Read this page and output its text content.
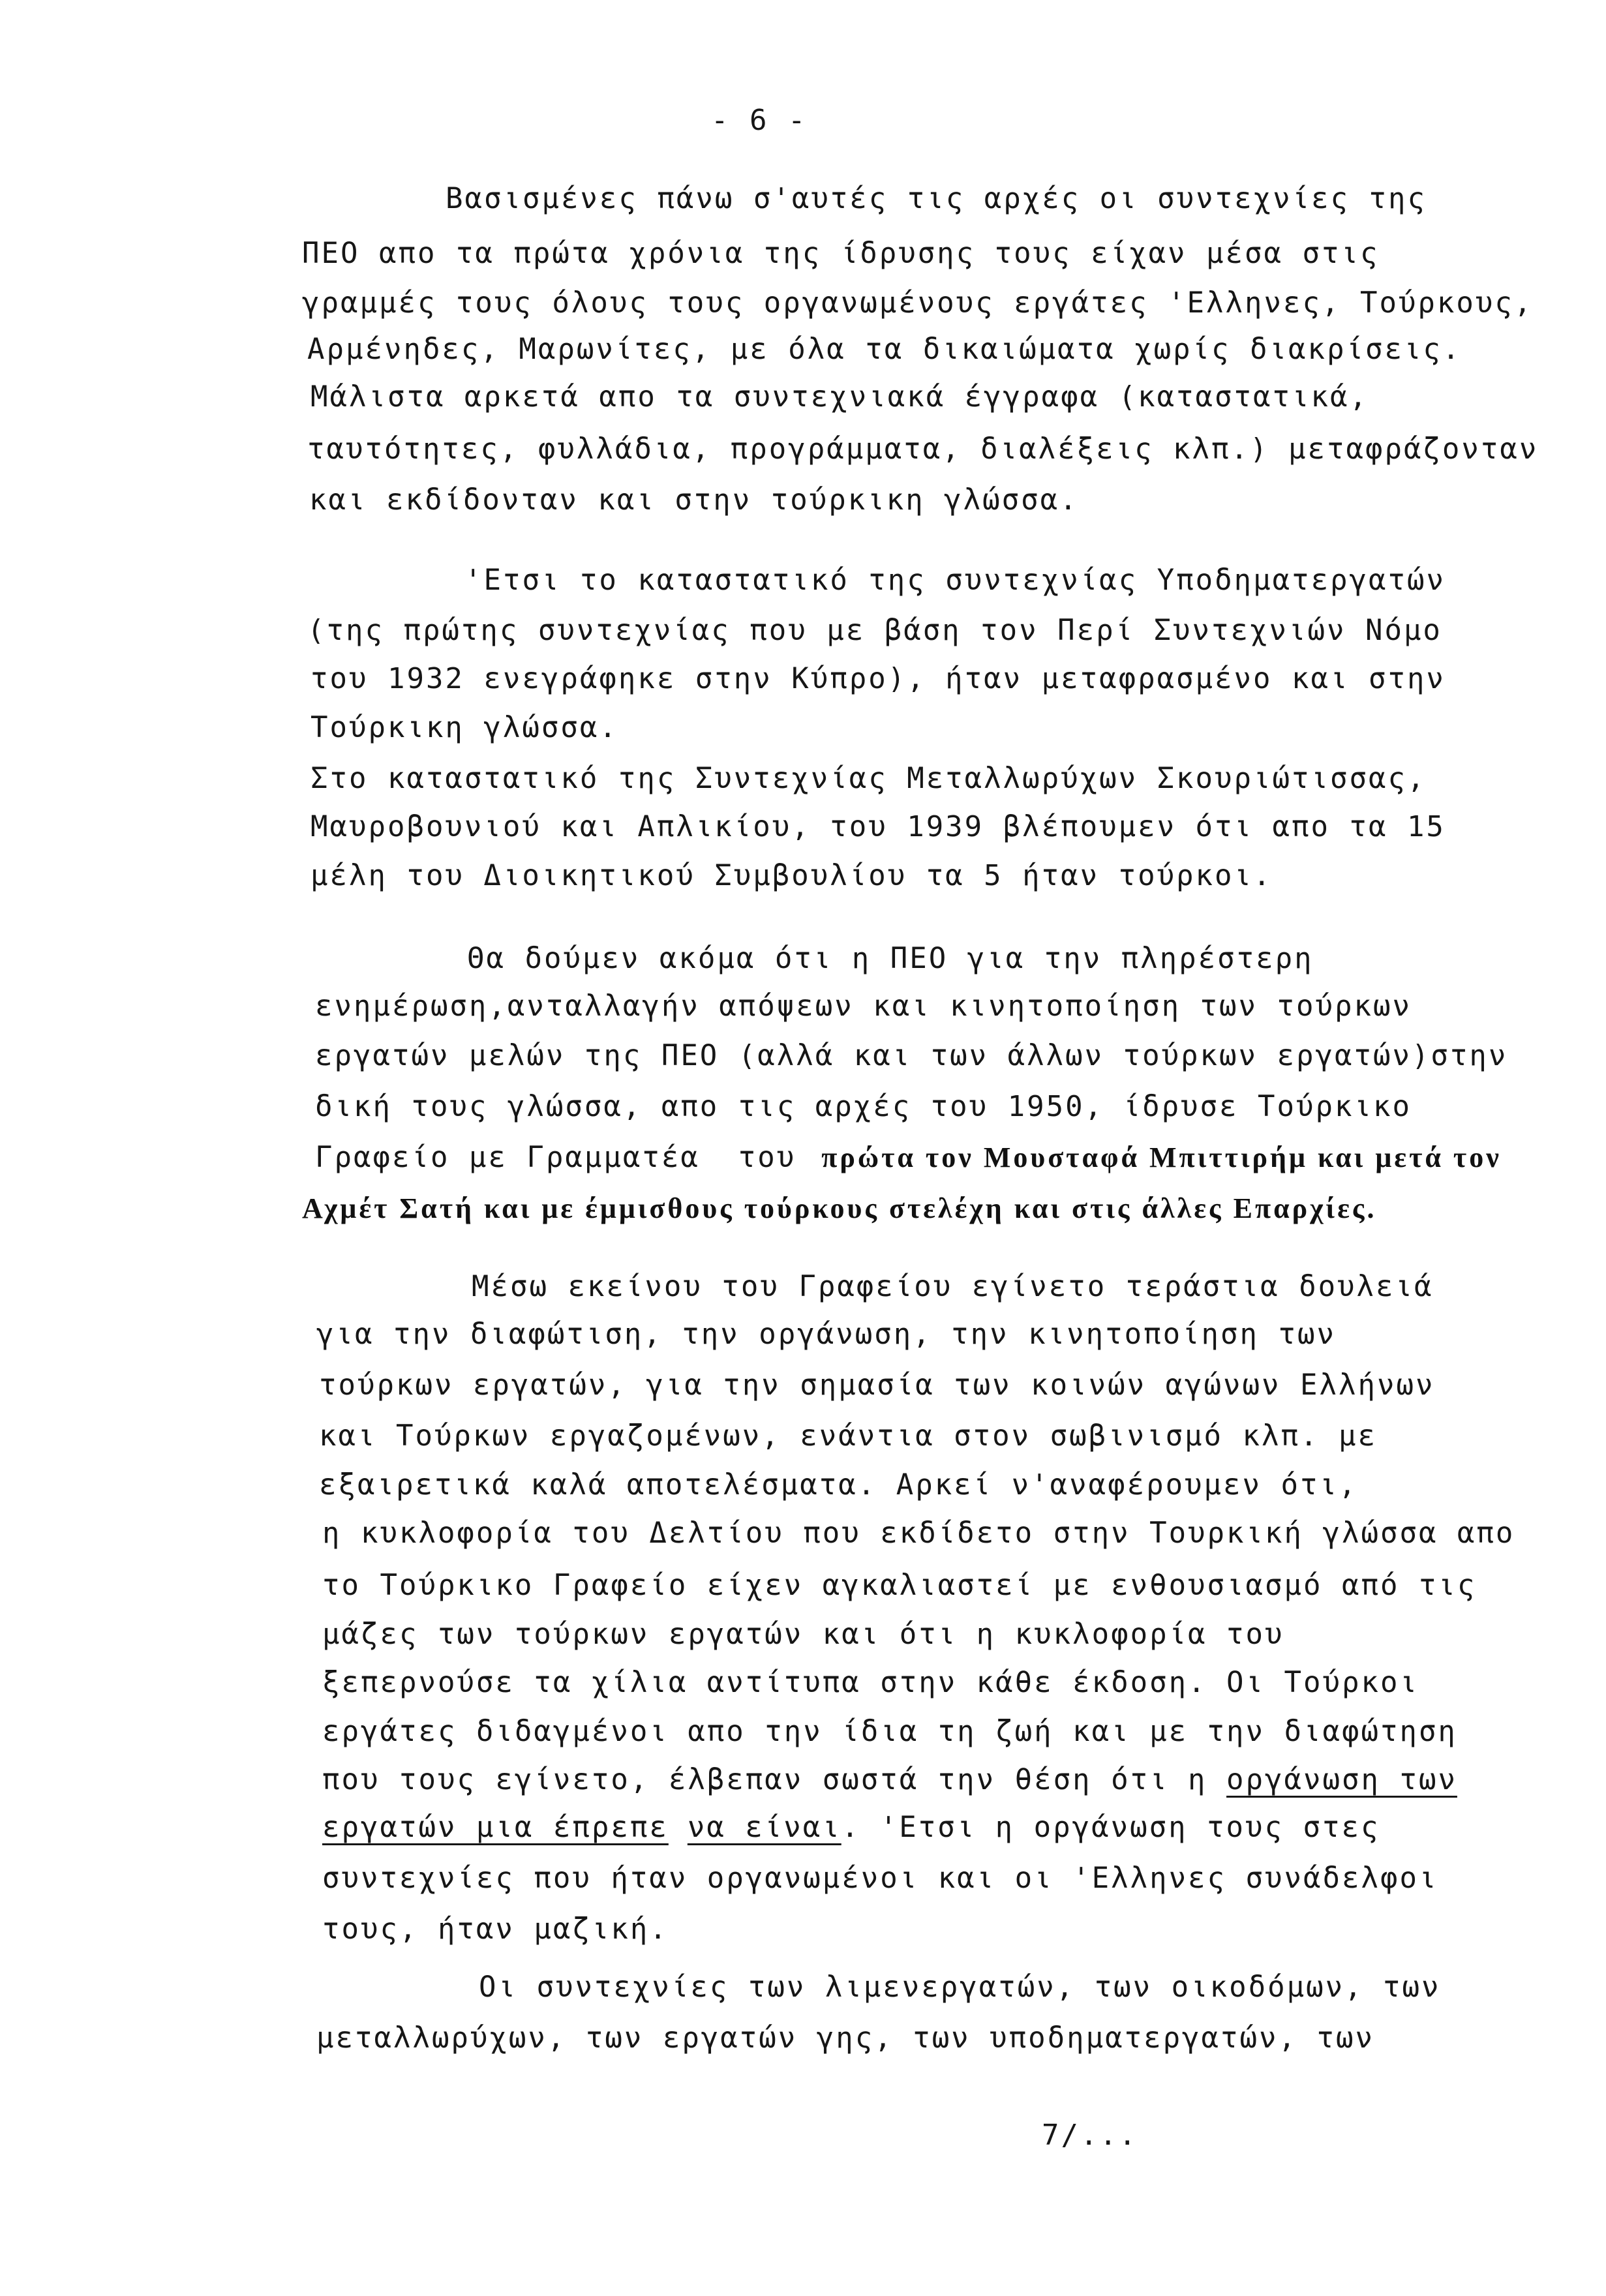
- 6 -
Βασισμένες πάνω σ'αυτές τις αρχές οι συντεχνίες της
ΠΕΟ απο τα πρώτα χρόνια της ίδρυσης τους είχαν μέσα στις
γραμμές τους όλους τους οργανωμένους εργάτες 'Ελληνες, Τούρκους,
Αρμένηδες, Μαρωνίτες, με όλα τα δικαιώματα χωρίς διακρίσεις.
Μάλιστα αρκετά απο τα συντεχνιακά έγγραφα (καταστατικά,
ταυτότητες, φυλλάδια, προγράμματα, διαλέξεις κλπ.) μεταφράζονταν
και εκδίδονταν και στην τούρκικη γλώσσα.
'Ετσι το καταστατικό της συντεχνίας Υποδηματεργατών
(της πρώτης συντεχνίας που με βάση τον Περί Συντεχνιών Νόμο
του 1932 ενεγράφηκε στην Κύπρο), ήταν μεταφρασμένο και στην
Τούρκικη γλώσσα.
Στο καταστατικό της Συντεχνίας Μεταλλωρύχων Σκουριώτισσας,
Μαυροβουνιού και Απλικίου, του 1939 βλέπουμεν ότι απο τα 15
μέλη του Διοικητικού Συμβουλίου τα 5 ήταν τούρκοι.
Θα δούμεν ακόμα ότι η ΠΕΟ για την πληρέστερη
ενημέρωση,ανταλλαγήν απόψεων και κινητοποίηση των τούρκων
εργατών μελών της ΠΕΟ (αλλά και των άλλων τούρκων εργατών)στην
δική τους γλώσσα, απο τις αρχές του 1950, ίδρυσε Τούρκικο
Γραφείο με Γραμματέα  του πρώτα τον Μουσταφά Μπιττιρήμ και μετά τον
Αχμέτ Σατή και με έμμισθους τούρκους στελέχη και στις άλλες Επαρχίες.
Μέσω εκείνου του Γραφείου εγίνετο τεράστια δουλειά
για την διαφώτιση, την οργάνωση, την κινητοποίηση των
τούρκων εργατών, για την σημασία των κοινών αγώνων Ελλήνων
και Τούρκων εργαζομένων, ενάντια στον σωβινισμό κλπ. με
εξαιρετικά καλά αποτελέσματα. Αρκεί ν'αναφέρουμεν ότι,
η κυκλοφορία του Δελτίου που εκδίδετο στην Τουρκική γλώσσα απο
το Τούρκικο Γραφείο είχεν αγκαλιαστεί με ενθουσιασμό από τις
μάζες των τούρκων εργατών και ότι η κυκλοφορία του
ξεπερνούσε τα χίλια αντίτυπα στην κάθε έκδοση. Οι Τούρκοι
εργάτες διδαγμένοι απο την ίδια τη ζωή και με την διαφώτηση
που τους εγίνετο, έλβεπαν σωστά την θέση ότι η οργάνωση των
εργατών μια έπρεπε να είναι. 'Ετσι η οργάνωση τους στες
συντεχνίες που ήταν οργανωμένοι και οι 'Ελληνες συνάδελφοι
τους, ήταν μαζική.
Οι συντεχνίες των λιμενεργατών, των οικοδόμων, των
μεταλλωρύχων, των εργατών γης, των υποδηματεργατών, των
7/...
